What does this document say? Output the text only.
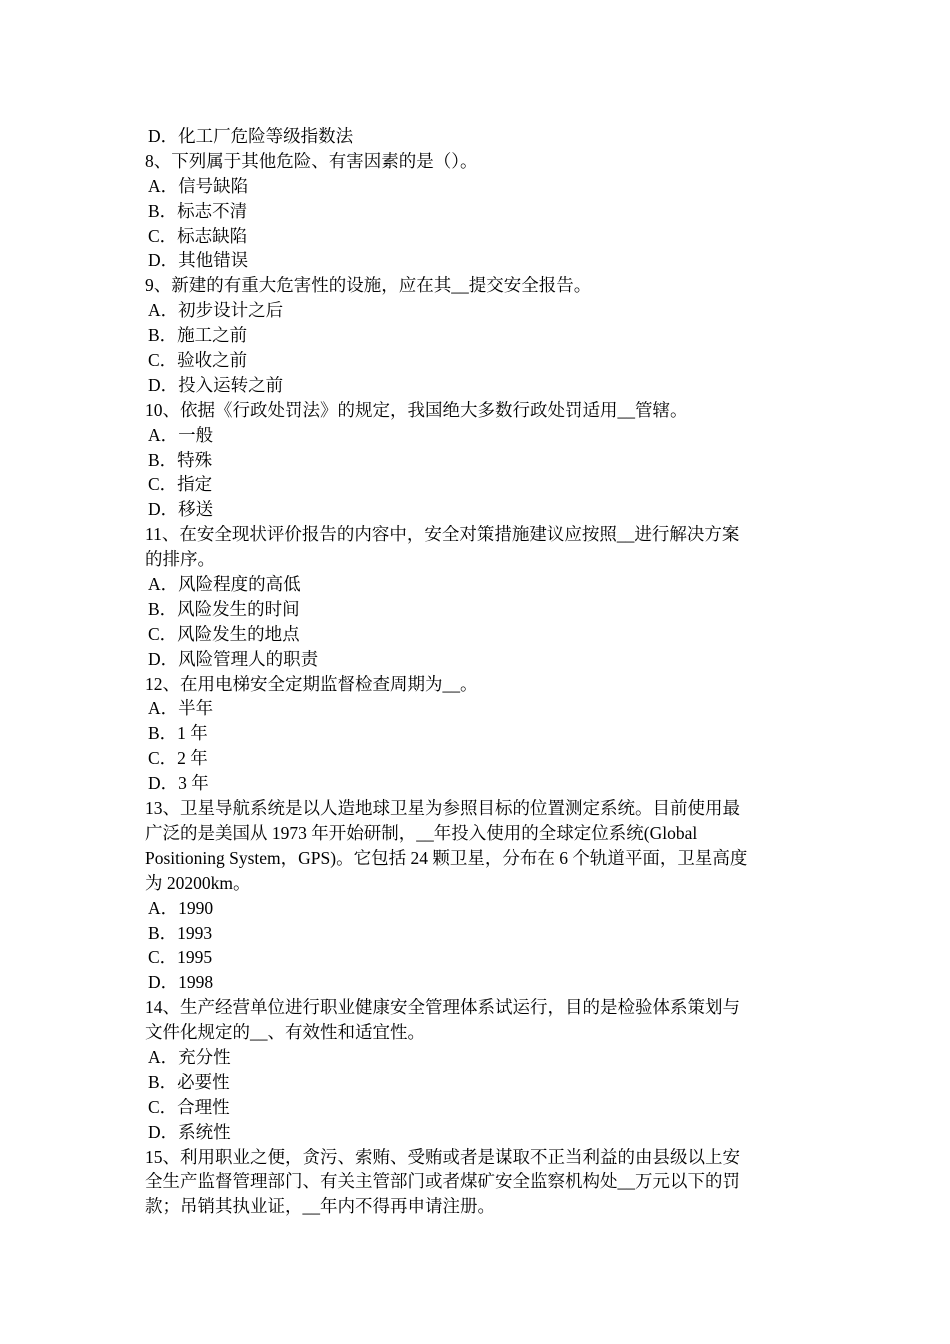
D．化工厂危险等级指数法
8、下列属于其他危险、有害因素的是（）。
A．信号缺陷
B．标志不清
C．标志缺陷
D．其他错误
9、新建的有重大危害性的设施，应在其__提交安全报告。
A．初步设计之后
B．施工之前
C．验收之前
D．投入运转之前
10、依据《行政处罚法》的规定，我国绝大多数行政处罚适用__管辖。
A．一般
B．特殊
C．指定
D．移送
11、在安全现状评价报告的内容中，安全对策措施建议应按照__进行解决方案
的排序。
A．风险程度的高低
B．风险发生的时间
C．风险发生的地点
D．风险管理人的职责
12、在用电梯安全定期监督检查周期为__。
A．半年
B．1 年
C．2 年
D．3 年
13、卫星导航系统是以人造地球卫星为参照目标的位置测定系统。目前使用最
广泛的是美国从 1973 年开始研制，__年投入使用的全球定位系统(Global
Positioning System，GPS)。它包括 24 颗卫星，分布在 6 个轨道平面，卫星高度
为 20200km。
A．1990
B．1993
C．1995
D．1998
14、生产经营单位进行职业健康安全管理体系试运行，目的是检验体系策划与
文件化规定的__、有效性和适宜性。
A．充分性
B．必要性
C．合理性
D．系统性
15、利用职业之便，贪污、索贿、受贿或者是谋取不正当利益的由县级以上安
全生产监督管理部门、有关主管部门或者煤矿安全监察机构处__万元以下的罚
款；吊销其执业证，__年内不得再申请注册。
